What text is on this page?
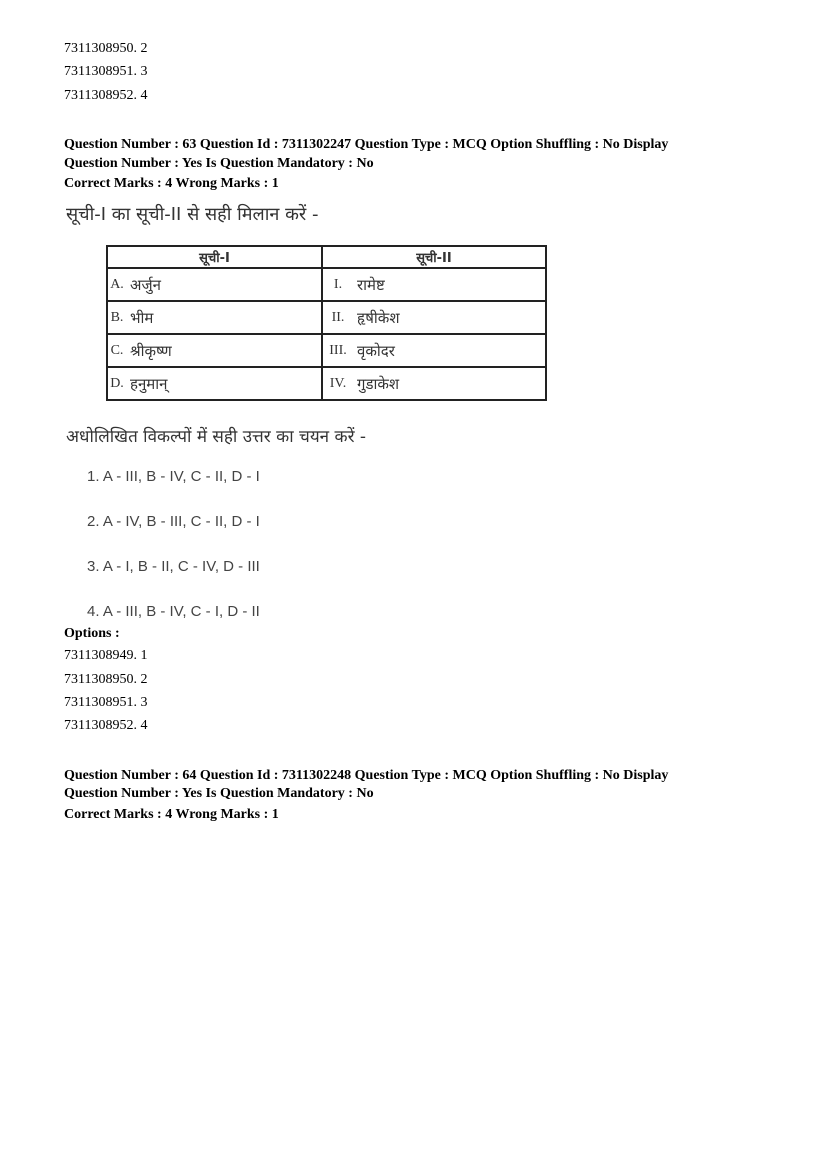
7311308950. 2
7311308951. 3
7311308952. 4
Question Number : 63 Question Id : 7311302247 Question Type : MCQ Option Shuffling : No Display
Question Number : Yes Is Question Mandatory : No
Correct Marks : 4 Wrong Marks : 1
सूची-I का सूची-II से सही मिलान करें -
सूची-I		सूची-II	
A.	अर्जुन	I.	रामेष्ट
B.	भीम	II.	हृषीकेश
C.	श्रीकृष्ण	III.	वृकोदर
D.	हनुमान्	IV.	गुडाकेश
अधोलिखित विकल्पों में सही उत्तर का चयन करें -
1. A - III, B - IV, C - II, D - I
2. A - IV, B - III, C - II, D - I
3. A - I, B - II, C - IV, D - III
4. A - III, B - IV, C - I, D - II
Options :
7311308949. 1
7311308950. 2
7311308951. 3
7311308952. 4
Question Number : 64 Question Id : 7311302248 Question Type : MCQ Option Shuffling : No Display
Question Number : Yes Is Question Mandatory : No
Correct Marks : 4 Wrong Marks : 1
